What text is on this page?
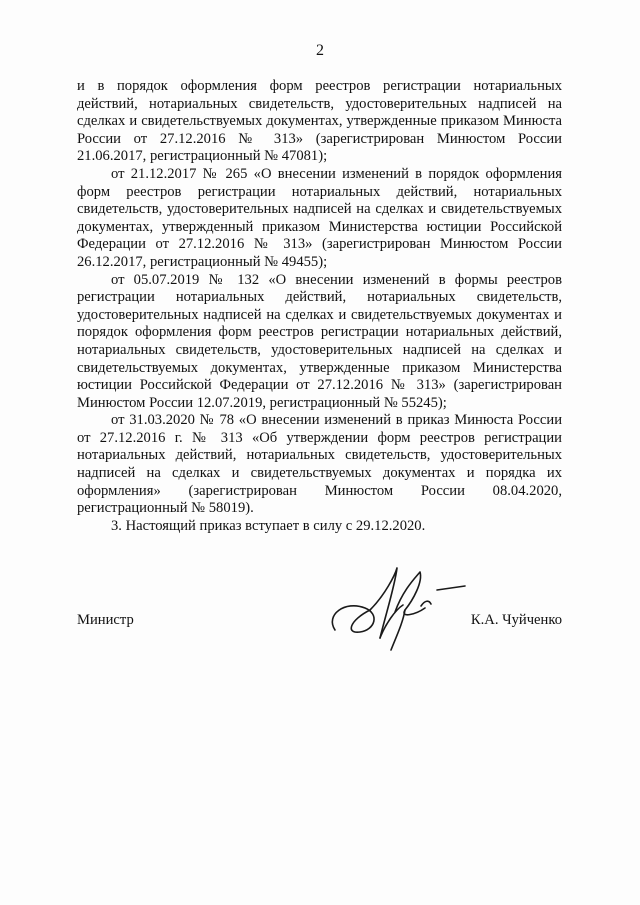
2

и в порядок оформления форм реестров регистрации нотариальных действий, нотариальных свидетельств, удостоверительных надписей на сделках и свидетельствуемых документах, утвержденные приказом Минюста России от 27.12.2016 № 313» (зарегистрирован Минюстом России 21.06.2017, регистрационный № 47081);

от 21.12.2017 № 265 «О внесении изменений в порядок оформления форм реестров регистрации нотариальных действий, нотариальных свидетельств, удостоверительных надписей на сделках и свидетельствуемых документах, утвержденный приказом Министерства юстиции Российской Федерации от 27.12.2016 № 313» (зарегистрирован Минюстом России 26.12.2017, регистрационный № 49455);

от 05.07.2019 № 132 «О внесении изменений в формы реестров регистрации нотариальных действий, нотариальных свидетельств, удостоверительных надписей на сделках и свидетельствуемых документах и порядок оформления форм реестров регистрации нотариальных действий, нотариальных свидетельств, удостоверительных надписей на сделках и свидетельствуемых документах, утвержденные приказом Министерства юстиции Российской Федерации от 27.12.2016 № 313» (зарегистрирован Минюстом России 12.07.2019, регистрационный № 55245);

от 31.03.2020 № 78 «О внесении изменений в приказ Минюста России от 27.12.2016 г. № 313 «Об утверждении форм реестров регистрации нотариальных действий, нотариальных свидетельств, удостоверительных надписей на сделках и свидетельствуемых документах и порядка их оформления» (зарегистрирован Минюстом России 08.04.2020, регистрационный № 58019).

3. Настоящий приказ вступает в силу с 29.12.2020.

Министр	К.А. Чуйченко
